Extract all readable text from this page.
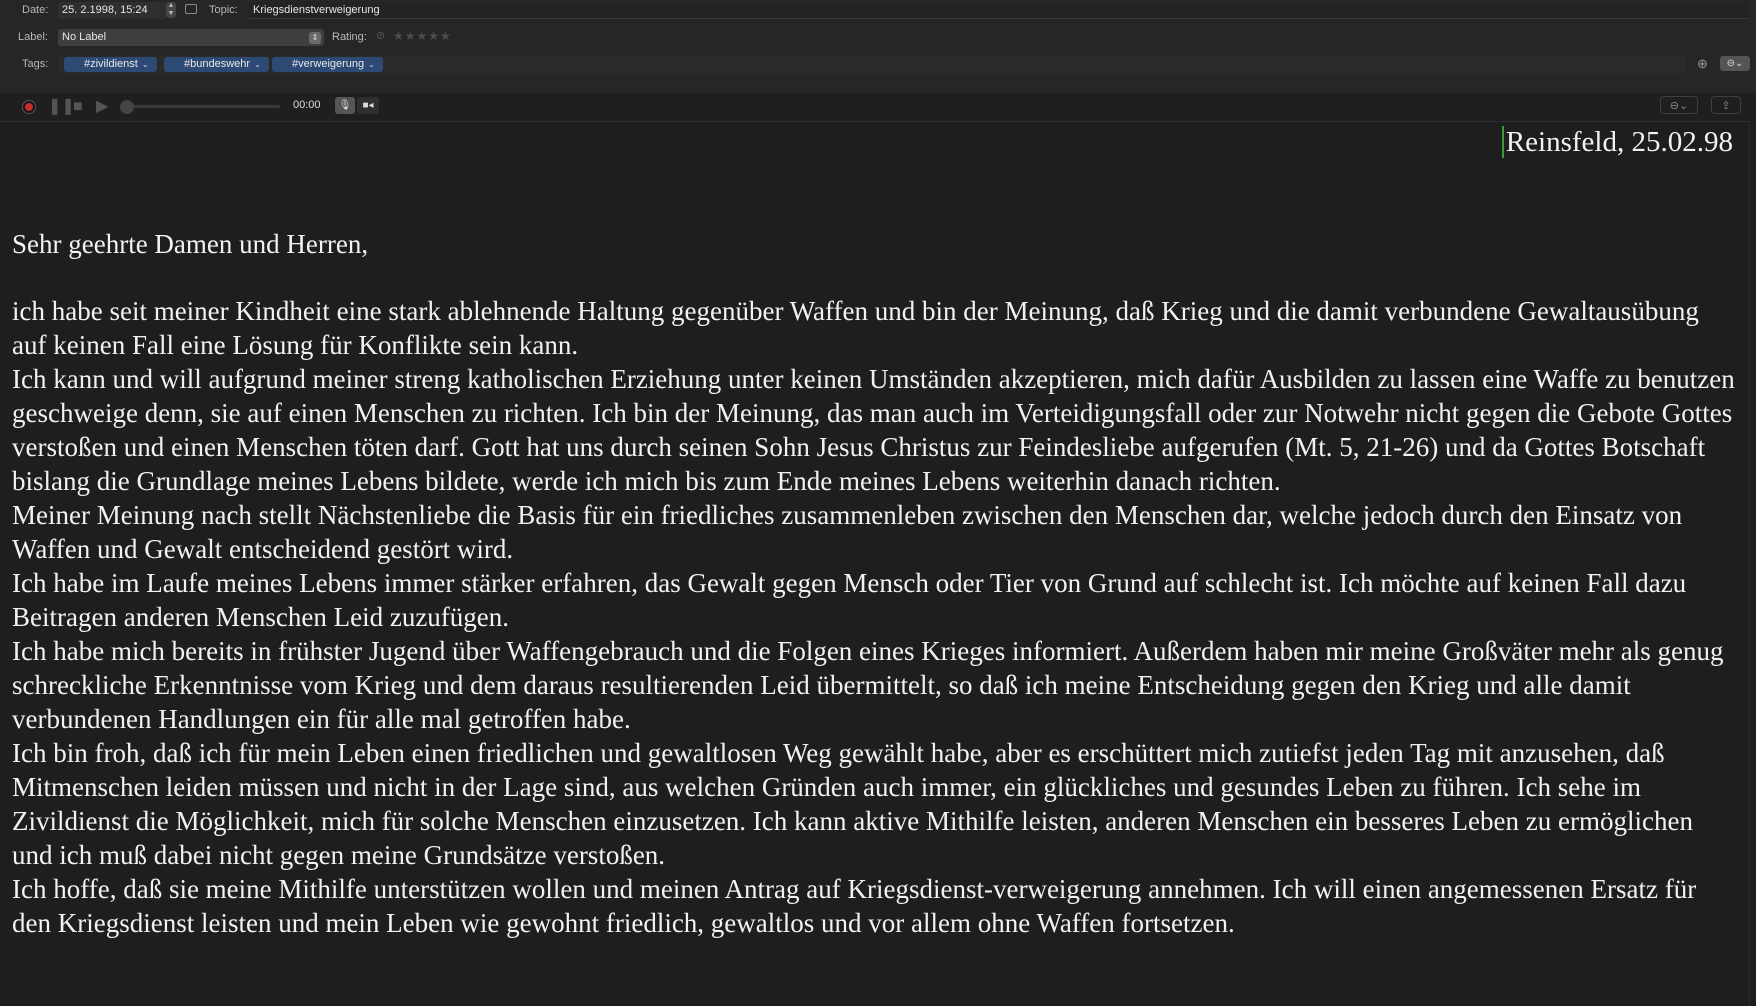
Date:	25. 2.1998, 15:24	▲
▼	Topic:	Kriegsdienstverweigerung
Label:	No Label	⇕ Rating: ⊘ ★★★★★
Tags:	#zivildienst ⌄	#bundeswehr ⌄	#verweigerung ⌄	⊕	⊖⌄
❚❚
■ ▶	00:00	🎙	■◂	⊖⌄	⇪
Reinsfeld, 25.02.98
Sehr geehrte Damen und Herren,

ich habe seit meiner Kindheit eine stark ablehnende Haltung gegenüber Waffen und bin der Meinung, daß Krieg und die damit verbundene Gewaltausübung auf keinen Fall eine Lösung für Konflikte sein kann.

Ich kann und will aufgrund meiner streng katholischen Erziehung unter keinen Umständen akzeptieren, mich dafür Ausbilden zu lassen eine Waffe zu benutzen geschweige denn, sie auf einen Menschen zu richten. Ich bin der Meinung, das man auch im Verteidigungsfall oder zur Notwehr nicht gegen die Gebote Gottes verstoßen und einen Menschen töten darf. Gott hat uns durch seinen Sohn Jesus Christus zur Feindesliebe aufgerufen (Mt. 5, 21-26) und da Gottes Botschaft bislang die Grundlage meines Lebens bildete, werde ich mich bis zum Ende meines Lebens weiterhin danach richten.

Meiner Meinung nach stellt Nächstenliebe die Basis für ein friedliches zusammenleben zwischen den Menschen dar, welche jedoch durch den Einsatz von Waffen und Gewalt entscheidend gestört wird.

Ich habe im Laufe meines Lebens immer stärker erfahren, das Gewalt gegen Mensch oder Tier von Grund auf schlecht ist. Ich möchte auf keinen Fall dazu Beitragen anderen Menschen Leid zuzufügen.

Ich habe mich bereits in frühster Jugend über Waffengebrauch und die Folgen eines Krieges informiert. Außerdem haben mir meine Großväter mehr als genug schreckliche Erkenntnisse vom Krieg und dem daraus resultierenden Leid übermittelt, so daß ich meine Entscheidung gegen den Krieg und alle damit verbundenen Handlungen ein für alle mal getroffen habe.

Ich bin froh, daß ich für mein Leben einen friedlichen und gewaltlosen Weg gewählt habe, aber es erschüttert mich zutiefst jeden Tag mit anzusehen, daß Mitmenschen leiden müssen und nicht in der Lage sind, aus welchen Gründen auch immer, ein glückliches und gesundes Leben zu führen. Ich sehe im Zivildienst die Möglichkeit, mich für solche Menschen einzusetzen. Ich kann aktive Mithilfe leisten, anderen Menschen ein besseres Leben zu ermöglichen und ich muß dabei nicht gegen meine Grundsätze verstoßen.

Ich hoffe, daß sie meine Mithilfe unterstützen wollen und meinen Antrag auf Kriegsdienst-verweigerung annehmen. Ich will einen angemessenen Ersatz für den Kriegsdienst leisten und mein Leben wie gewohnt friedlich, gewaltlos und vor allem ohne Waffen fortsetzen.
